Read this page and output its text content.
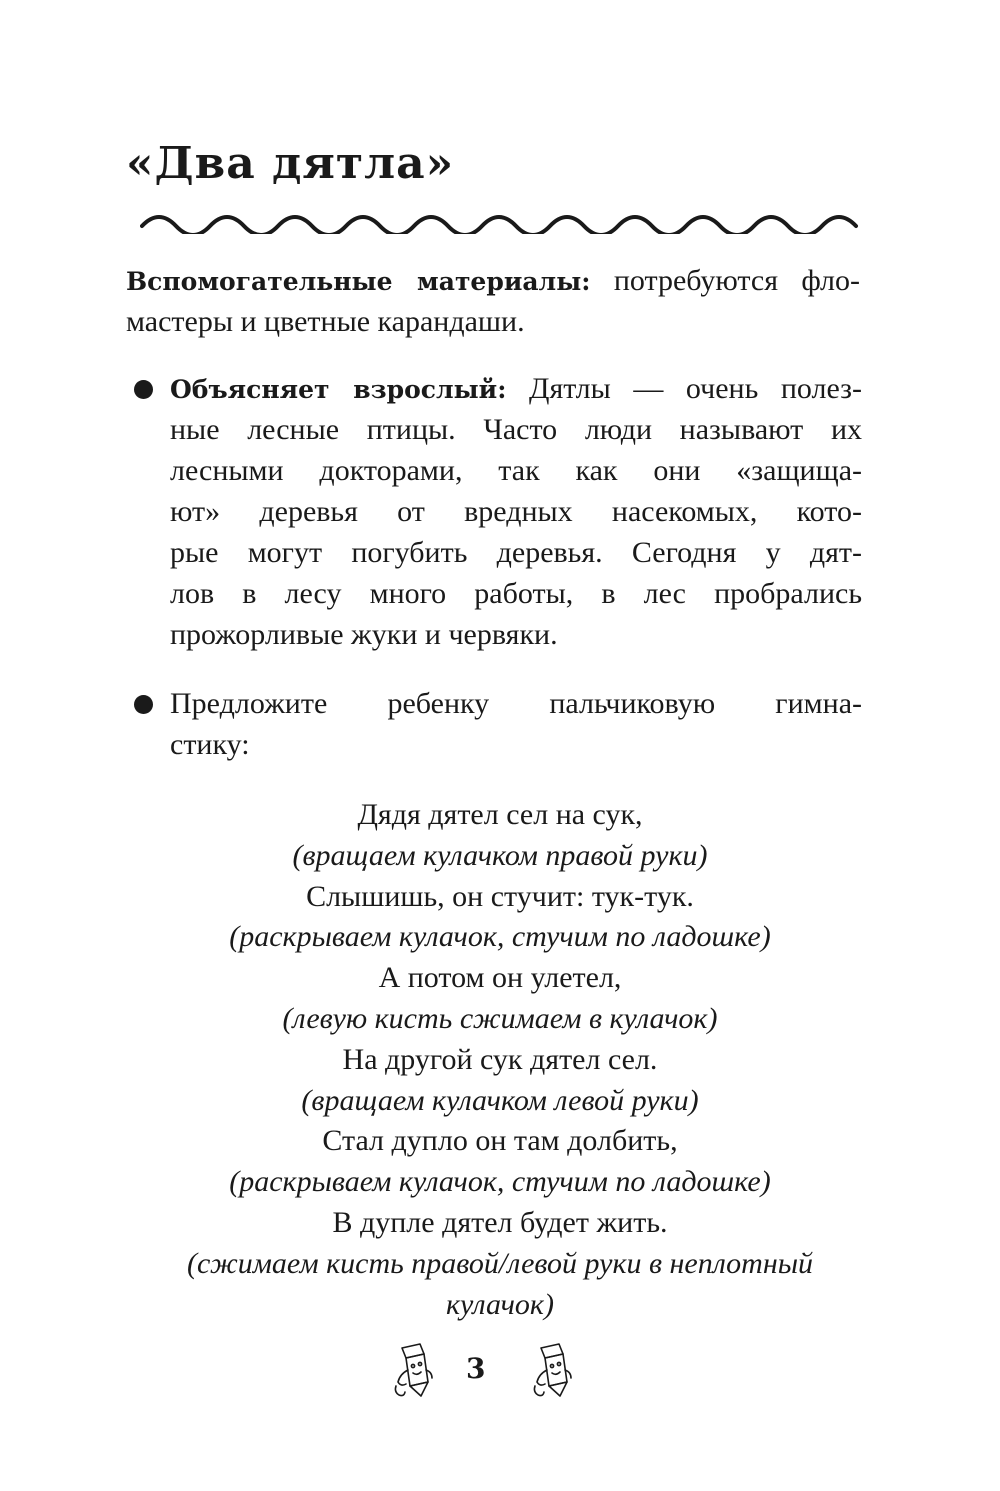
«Два дятла»
Вспомогательные материалы: потребуются фло-
мастеры и цветные карандаши.
Объясняет взрослый: Дятлы — очень полез-
ные лесные птицы. Часто люди называют их
лесными докторами, так как они «защища-
ют» деревья от вредных насекомых, кото-
рые могут погубить деревья. Сегодня у дят-
лов в лесу много работы, в лес пробрались
прожорливые жуки и червяки.
Предложите ребенку пальчиковую гимна-
стику:
Дядя дятел сел на сук,
(вращаем кулачком правой руки)
Слышишь, он стучит: тук-тук.
(раскрываем кулачок, стучим по ладошке)
А потом он улетел,
(левую кисть сжимаем в кулачок)
На другой сук дятел сел.
(вращаем кулачком левой руки)
Стал дупло он там долбить,
(раскрываем кулачок, стучим по ладошке)
В дупле дятел будет жить.
(сжимаем кисть правой/левой руки в неплотный
кулачок)
3
